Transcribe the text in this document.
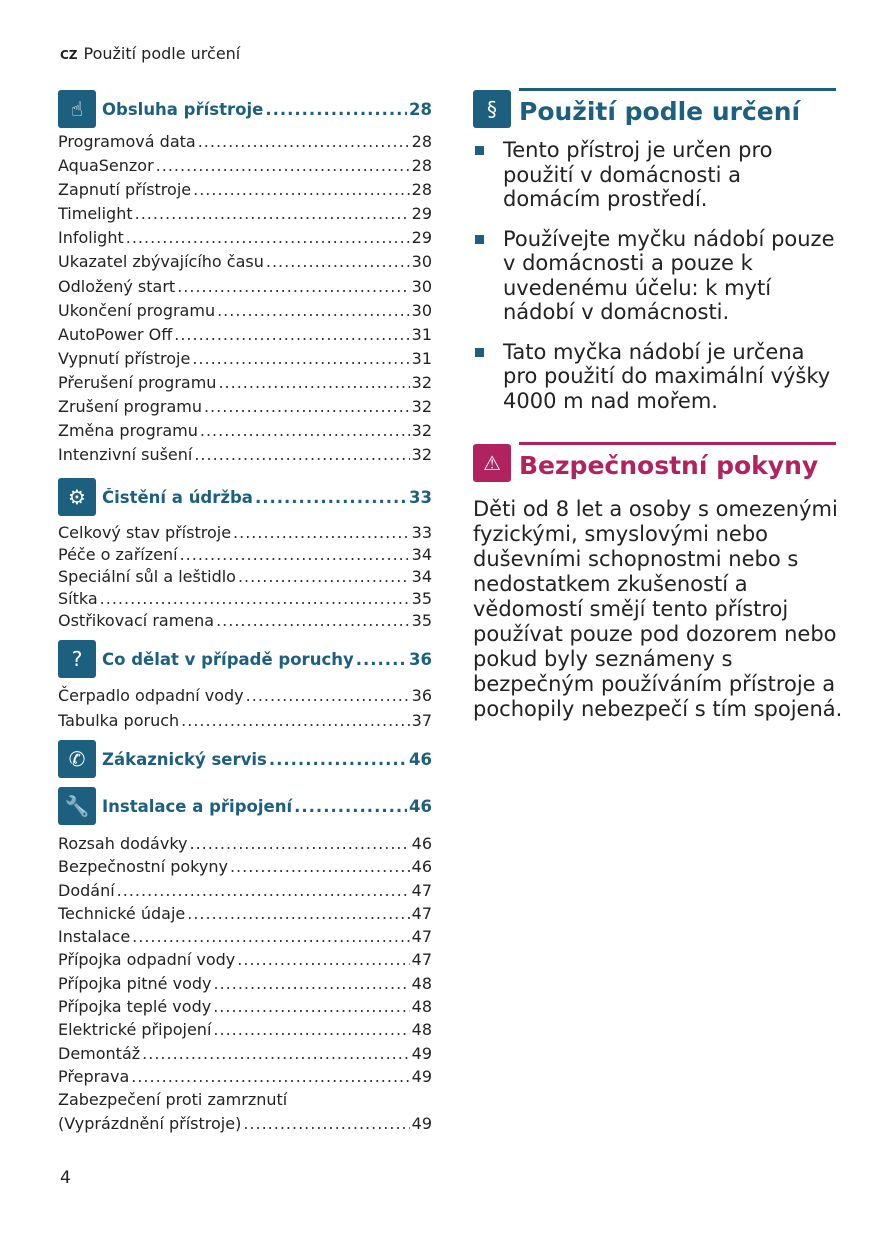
CZ Použití podle určení
☝	Obsluha přístroje .....	28
Programová data .....	28
AquaSenzor .....	28
Zapnutí přístroje .....	28
Timelight .....	29
Infolight .....	29
Ukazatel zbývajícího času .....	30
Odložený start .....	30
Ukončení programu .....	30
AutoPower Off .....	31
Vypnutí přístroje .....	31
Přerušení programu .....	32
Zrušení programu .....	32
Změna programu .....	32
Intenzivní sušení .....	32
⚙ Čistění a údržba .....	33
Celkový stav přístroje .....	33
Péče o zařízení .....	34
Speciální sůl a leštidlo .....	34
Sítka .....	35
Ostřikovací ramena .....	35
?	Co dělat v případě poruchy .....	36
Čerpadlo odpadní vody .....	36
Tabulka poruch .....	37
✆	Zákaznický servis .....	46
🔧 Instalace a připojení .....	46
Rozsah dodávky .....	46
Bezpečnostní pokyny .....	46
Dodání .....	47
Technické údaje .....	47
Instalace .....	47
Přípojka odpadní vody .....	47
Přípojka pitné vody .....	48
Přípojka teplé vody .....	48
Elektrické připojení .....	48
Demontáž .....	49
Přeprava .....	49
Zabezpečení proti zamrznutí
(Vyprázdnění přístroje) .....	49
§ Použití podle určení
Tento přístroj je určen pro použití v domácnosti a domácím prostředí.
Používejte myčku nádobí pouze v domácnosti a pouze k uvedenému účelu: k mytí nádobí v domácnosti.
Tato myčka nádobí je určena pro použití do maximální výšky 4000 m nad mořem.
⚠ Bezpečnostní pokyny
Děti od 8 let a osoby s omezenými fyzickými, smyslovými nebo duševními schopnostmi nebo s nedostatkem zkušeností a vědomostí smějí tento přístroj používat pouze pod dozorem nebo pokud byly seznámeny s bezpečným používáním přístroje a pochopily nebezpečí s tím spojená.
4
